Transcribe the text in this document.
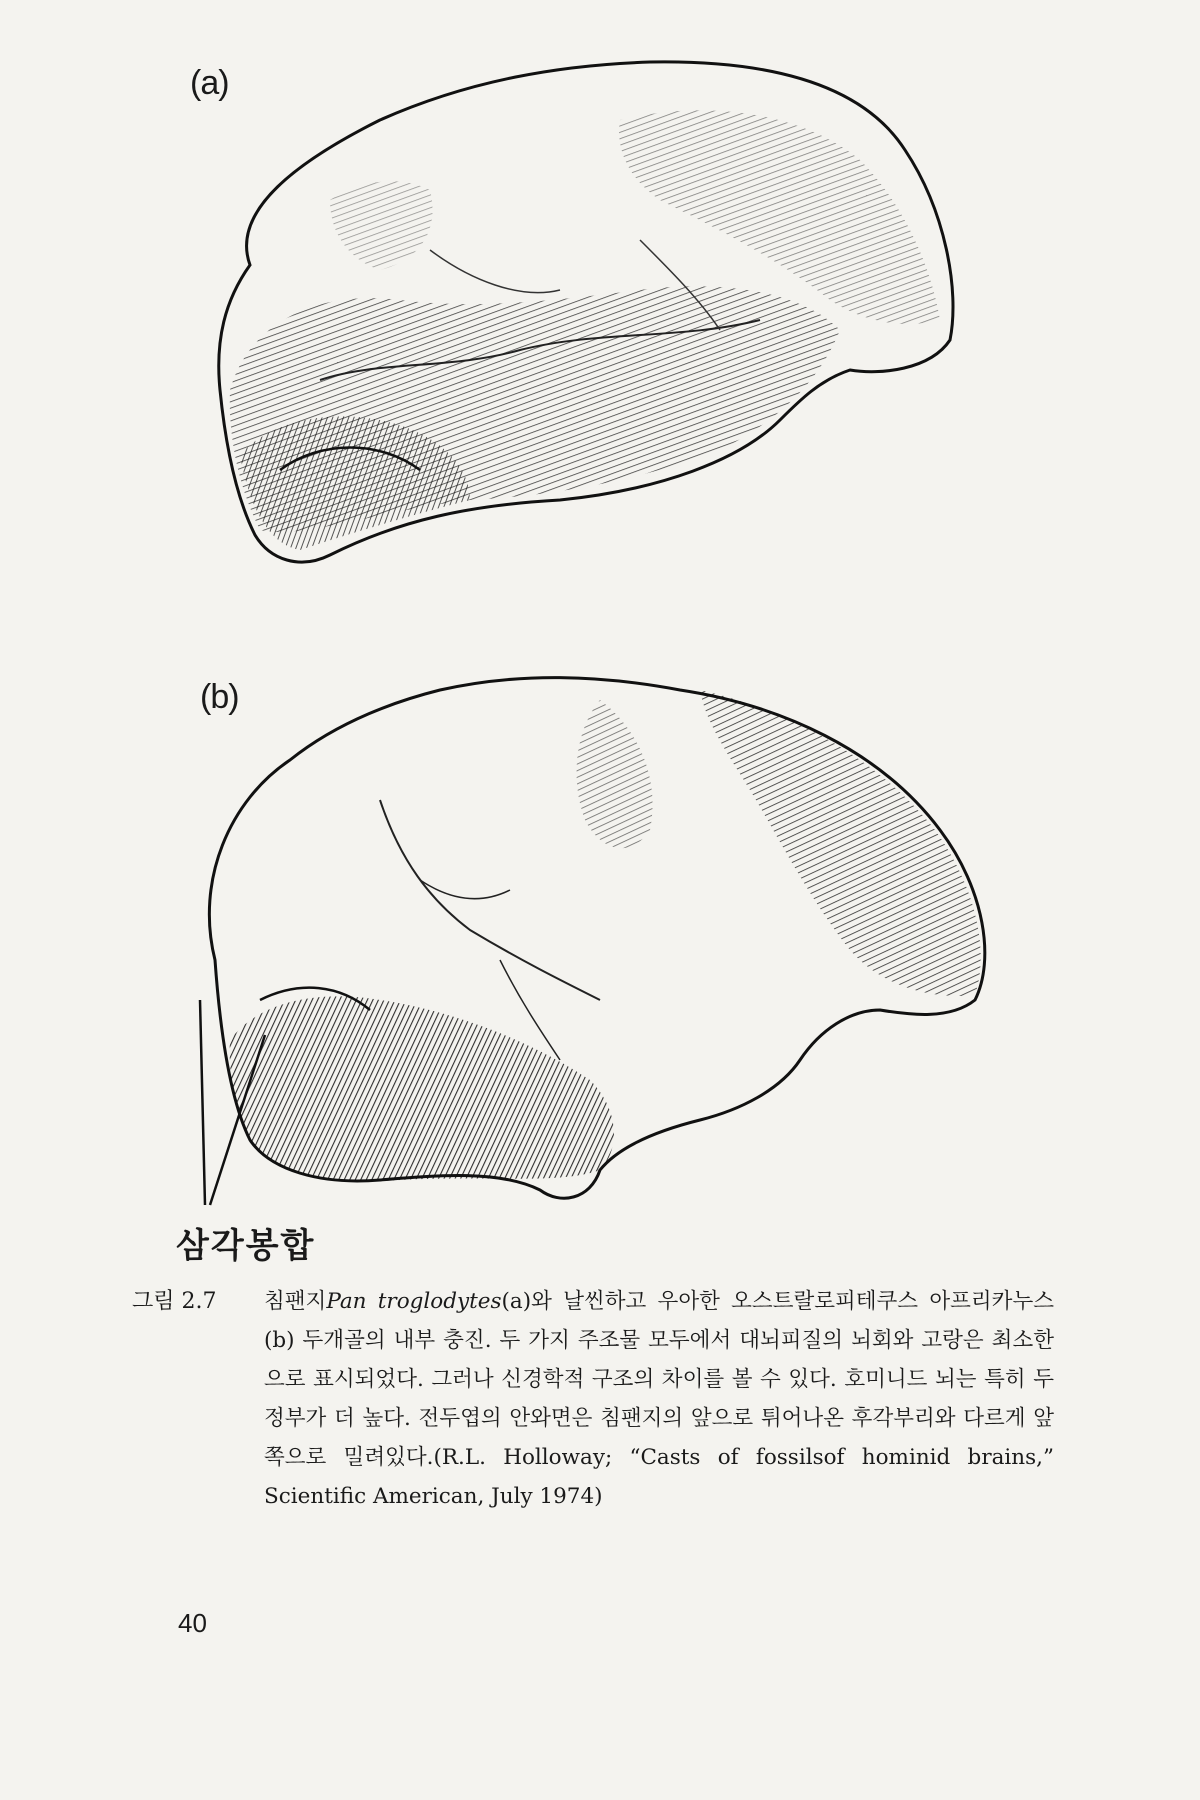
(a)
(b)
삼각봉합
그림 2.7	침팬지Pan troglodytes(a)와 날씬하고 우아한 오스트랄로피테쿠스 아프리카누스(b) 두개골의 내부 충진. 두 가지 주조물 모두에서 대뇌피질의 뇌회와 고랑은 최소한으로 표시되었다. 그러나 신경학적 구조의 차이를 볼 수 있다. 호미니드 뇌는 특히 두정부가 더 높다. 전두엽의 안와면은 침팬지의 앞으로 튀어나온 후각부리와 다르게 앞쪽으로 밀려있다.(R.L. Holloway; “Casts of fossilsof hominid brains,” Scientific American, July 1974)
40
